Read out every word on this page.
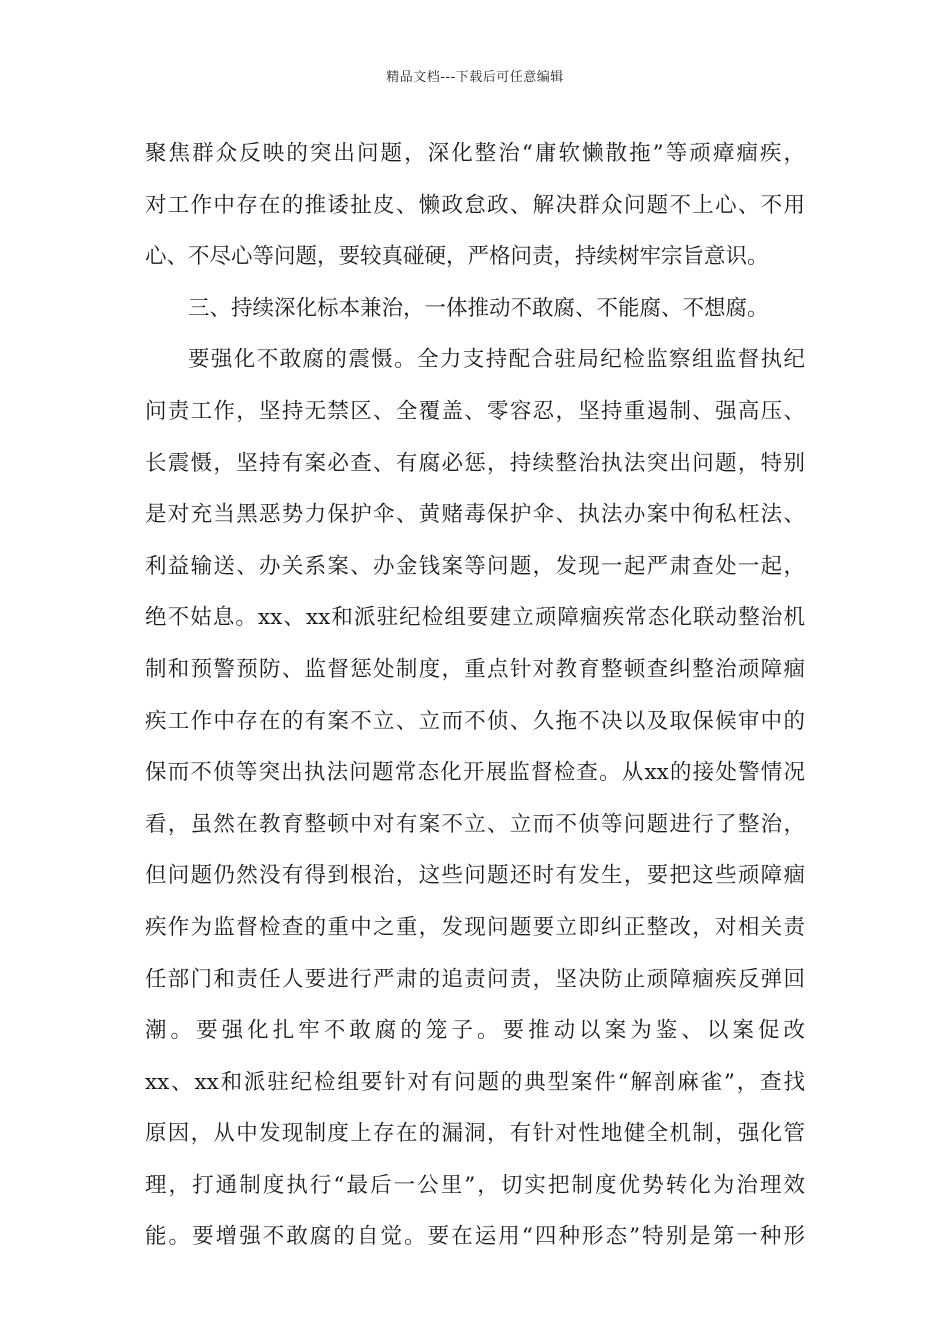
精品文档---下载后可任意编辑
聚焦群众反映的突出问题，深化整治“庸软懒散拖”等顽瘴痼疾，
对工作中存在的推诿扯皮、懒政怠政、解决群众问题不上心、不用
心、不尽心等问题，要较真碰硬，严格问责，持续树牢宗旨意识。
三、持续深化标本兼治，一体推动不敢腐、不能腐、不想腐。
要强化不敢腐的震慑。全力支持配合驻局纪检监察组监督执纪
问责工作，坚持无禁区、全覆盖、零容忍，坚持重遏制、强高压、
长震慑，坚持有案必查、有腐必惩，持续整治执法突出问题，特别
是对充当黑恶势力保护伞、黄赌毒保护伞、执法办案中徇私枉法、
利益输送、办关系案、办金钱案等问题，发现一起严肃查处一起，
绝不姑息。xx、xx和派驻纪检组要建立顽障痼疾常态化联动整治机
制和预警预防、监督惩处制度，重点针对教育整顿查纠整治顽障痼
疾工作中存在的有案不立、立而不侦、久拖不决以及取保候审中的
保而不侦等突出执法问题常态化开展监督检查。从xx的接处警情况
看，虽然在教育整顿中对有案不立、立而不侦等问题进行了整治，
但问题仍然没有得到根治，这些问题还时有发生，要把这些顽障痼
疾作为监督检查的重中之重，发现问题要立即纠正整改，对相关责
任部门和责任人要进行严肃的追责问责，坚决防止顽障痼疾反弹回
潮。要强化扎牢不敢腐的笼子。要推动以案为鉴、以案促改
xx、xx和派驻纪检组要针对有问题的典型案件“解剖麻雀”，查找
原因，从中发现制度上存在的漏洞，有针对性地健全机制，强化管
理，打通制度执行“最后一公里”，切实把制度优势转化为治理效
能。要增强不敢腐的自觉。要在运用“四种形态”特别是第一种形
